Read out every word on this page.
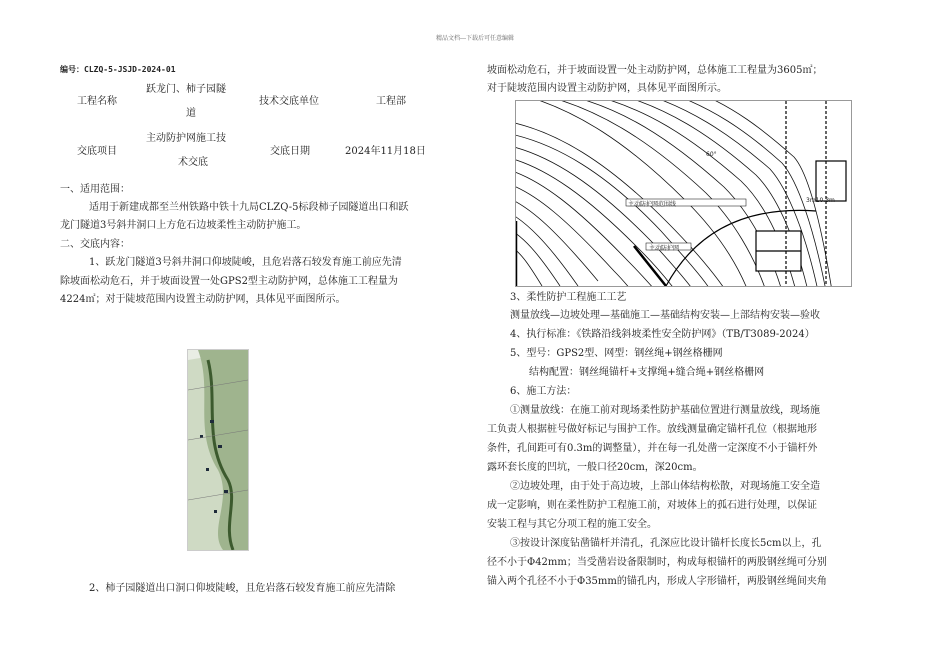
精品文档---下载后可任意编辑
编号：CLZQ-5-JSJD-2024-01
工程名称
跃龙门、柿子园隧
道
技术交底单位	工程部
交底项目
主动防护网施工技
术交底
交底日期	2024年11月18日
一、适用范围：
适用于新建成都至兰州铁路中铁十九局CLZQ-5标段柿子园隧道出口和跃
龙门隧道3号斜井洞口上方危石边坡柔性主动防护施工。
二、交底内容：
1、跃龙门隧道3号斜井洞口仰坡陡峻，且危岩落石较发育施工前应先清
除坡面松动危石，并于坡面设置一处GPS2型主动防护网，总体施工工程量为
4224㎡；对于陡坡范围内设置主动防护网，具体见平面图所示。
2、柿子园隧道出口洞口仰坡陡峻，且危岩落石较发育施工前应先清除
坡面松动危石，并于坡面设置一处主动防护网，总体施工工程量为3605㎡；
对于陡坡范围内设置主动防护网，具体见平面图所示。
主动防护网范围线
主动防护网
60°
3m10.3m
3、柔性防护工程施工工艺
测量放线—边坡处理—基础施工—基础结构安装—上部结构安装—验收
4、执行标准：《铁路沿线斜坡柔性安全防护网》（TB/T3089-2024）
5、型号：GPS2型、网型：钢丝绳+钢丝格栅网
结构配置：钢丝绳锚杆+支撑绳+缝合绳+钢丝格栅网
6、施工方法：
①测量放线：在施工前对现场柔性防护基础位置进行测量放线，现场施
工负责人根据桩号做好标记与围护工作。放线测量确定锚杆孔位（根据地形
条件，孔间距可有0.3m的调整量），并在每一孔处凿一定深度不小于锚杆外
露环套长度的凹坑，一般口径20cm，深20cm。
②边坡处理，由于处于高边坡，上部山体结构松散，对现场施工安全造
成一定影响，则在柔性防护工程施工前，对坡体上的孤石进行处理，以保证
安装工程与其它分项工程的施工安全。
③按设计深度钻凿锚杆并清孔，孔深应比设计锚杆长度长5cm以上，孔
径不小于Φ42mm；当受凿岩设备限制时，构成每根锚杆的两股钢丝绳可分别
锚入两个孔径不小于Φ35mm的锚孔内，形成人字形锚杆，两股钢丝绳间夹角
